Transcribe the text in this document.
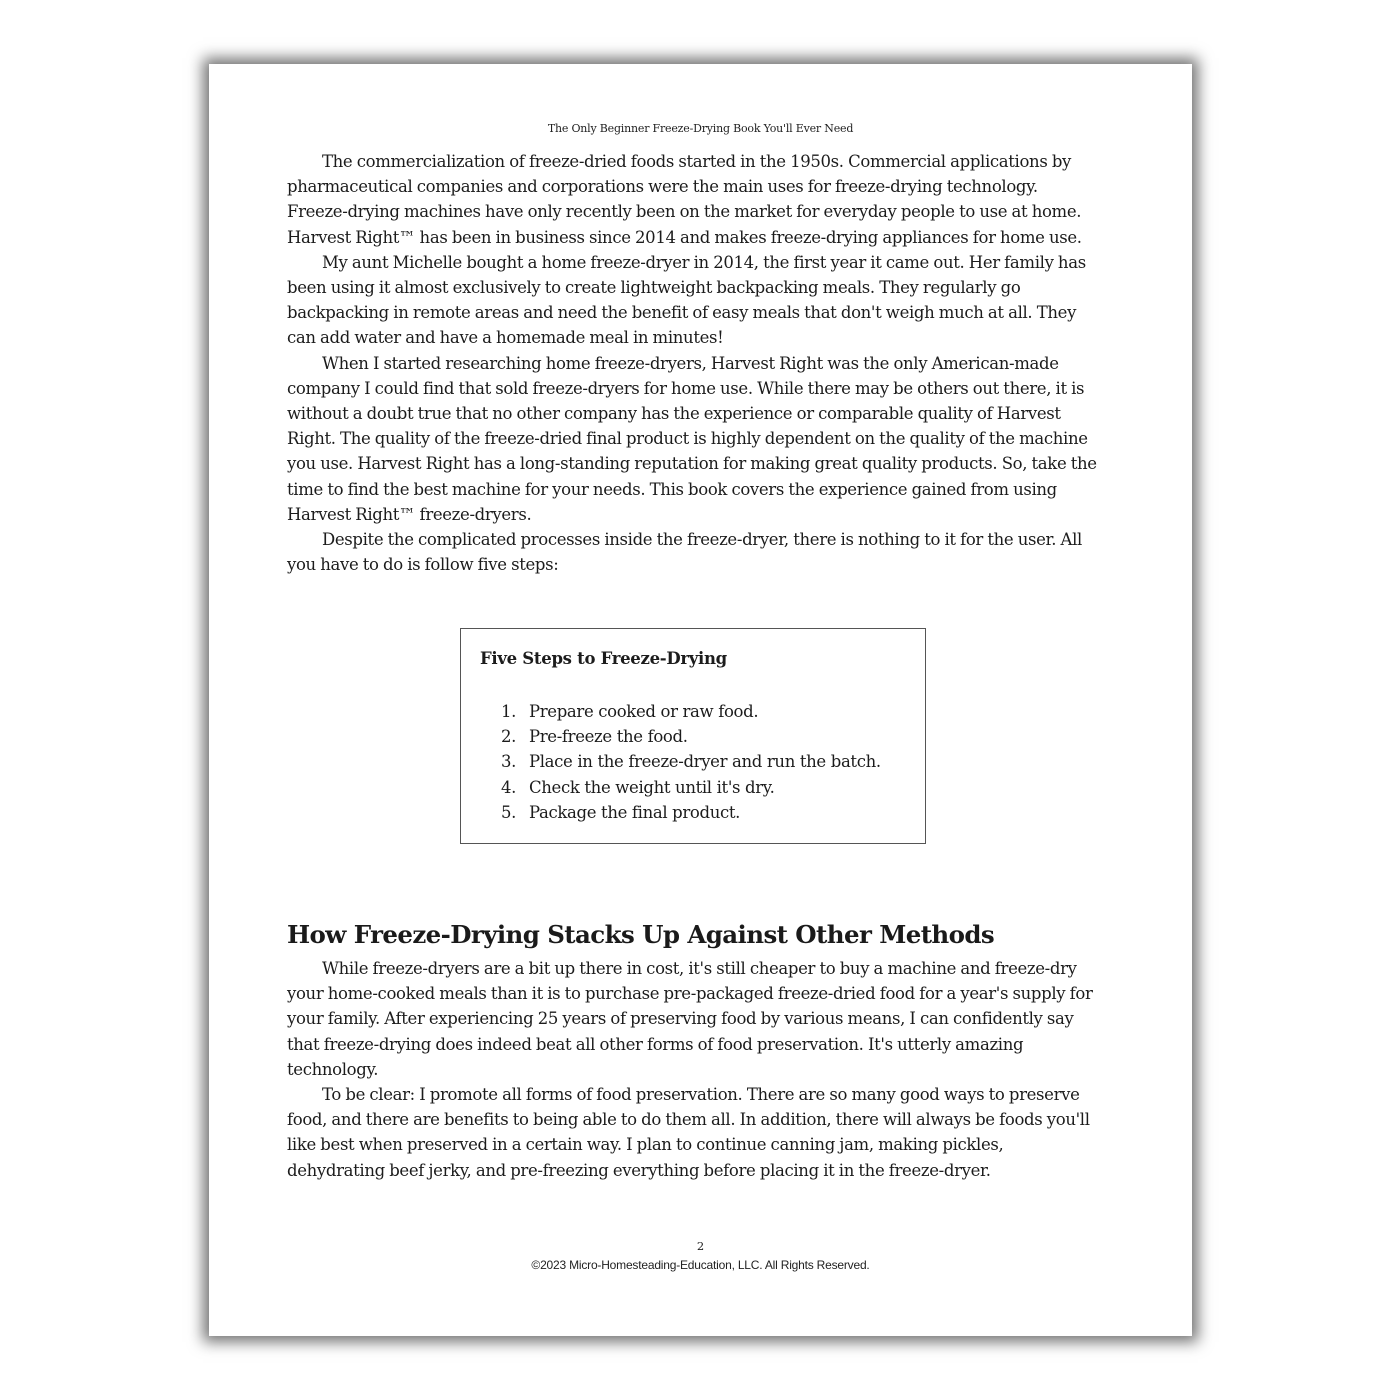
The Only Beginner Freeze-Drying Book You'll Ever Need

The commercialization of freeze-dried foods started in the 1950s. Commercial applications by pharmaceutical companies and corporations were the main uses for freeze-drying technology. Freeze-drying machines have only recently been on the market for everyday people to use at home. Harvest Right™ has been in business since 2014 and makes freeze-drying appliances for home use.

My aunt Michelle bought a home freeze-dryer in 2014, the first year it came out. Her family has been using it almost exclusively to create lightweight backpacking meals. They regularly go backpacking in remote areas and need the benefit of easy meals that don't weigh much at all. They can add water and have a homemade meal in minutes!

When I started researching home freeze-dryers, Harvest Right was the only American-made company I could find that sold freeze-dryers for home use. While there may be others out there, it is without a doubt true that no other company has the experience or comparable quality of Harvest Right. The quality of the freeze-dried final product is highly dependent on the quality of the machine you use. Harvest Right has a long-standing reputation for making great quality products. So, take the time to find the best machine for your needs. This book covers the experience gained from using Harvest Right™ freeze-dryers.

Despite the complicated processes inside the freeze-dryer, there is nothing to it for the user. All you have to do is follow five steps:

Five Steps to Freeze-Drying
1. Prepare cooked or raw food.
2. Pre-freeze the food.
3. Place in the freeze-dryer and run the batch.
4. Check the weight until it's dry.
5. Package the final product.
How Freeze-Drying Stacks Up Against Other Methods

While freeze-dryers are a bit up there in cost, it's still cheaper to buy a machine and freeze-dry your home-cooked meals than it is to purchase pre-packaged freeze-dried food for a year's supply for your family. After experiencing 25 years of preserving food by various means, I can confidently say that freeze-drying does indeed beat all other forms of food preservation. It's utterly amazing technology.

To be clear: I promote all forms of food preservation. There are so many good ways to preserve food, and there are benefits to being able to do them all. In addition, there will always be foods you'll like best when preserved in a certain way. I plan to continue canning jam, making pickles, dehydrating beef jerky, and pre-freezing everything before placing it in the freeze-dryer.

2
©2023 Micro-Homesteading-Education, LLC. All Rights Reserved.
